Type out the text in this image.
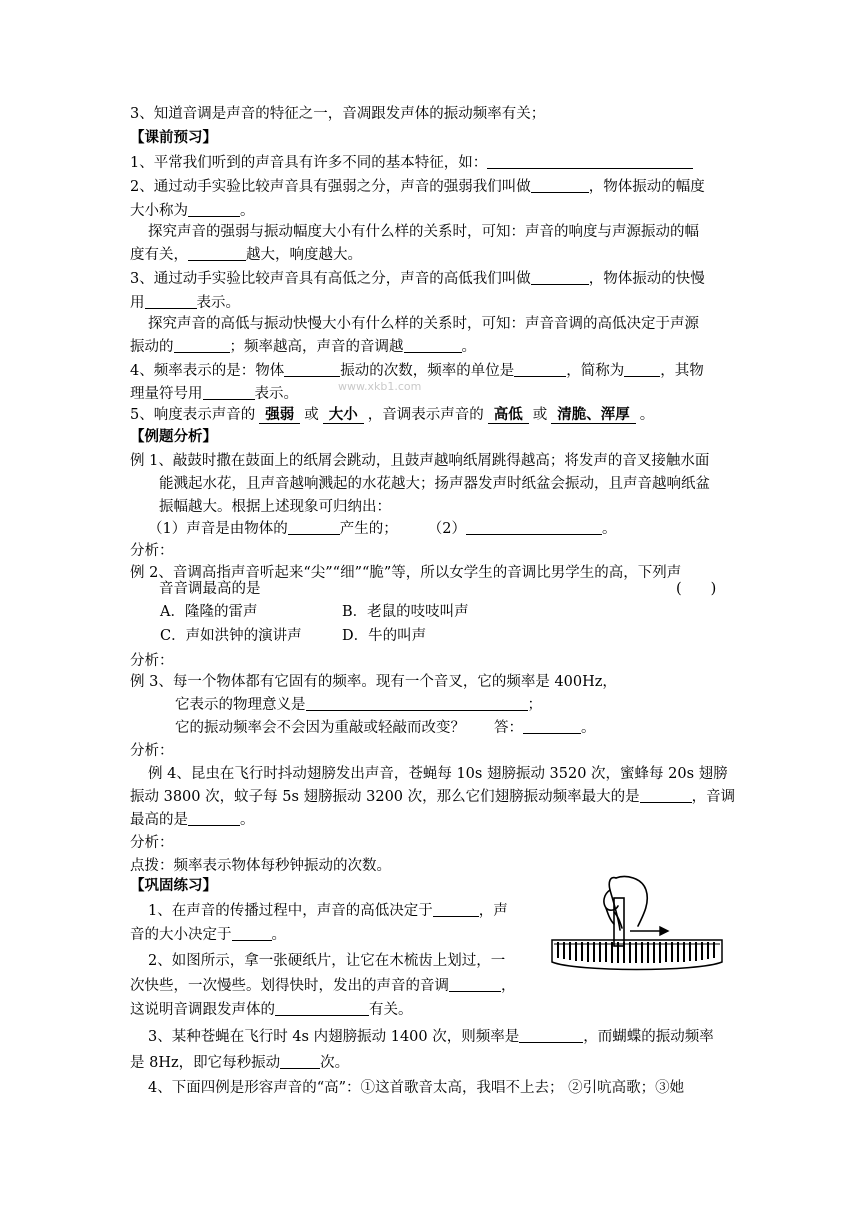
3、知道音调是声音的特征之一，音凋跟发声体的振动频率有关；
【课前预习】
1、平常我们听到的声音具有许多不同的基本特征，如：
2、通过动手实验比较声音具有强弱之分，声音的强弱我们叫做	，物体振动的幅度
大小称为	。
探究声音的强弱与振动幅度大小有什么样的关系时，可知：声音的响度与声源振动的幅
度有关，	越大，响度越大。
3、通过动手实验比较声音具有高低之分，声音的高低我们叫做	，物体振动的快慢
用	表示。
探究声音的高低与振动快慢大小有什么样的关系时，可知：声音音调的高低决定于声源
振动的	；频率越高，声音的音调越	。
4、频率表示的是：物体	振动的次数，频率的单位是	，简称为 ，其物
理量符号用	表示。	www.xkb1.com
5、响度表示声音的 强弱 或 大小 ，音调表示声音的 高低 或 清脆、浑厚 。
【例题分析】
例 1、敲鼓时撒在鼓面上的纸屑会跳动，且鼓声越响纸屑跳得越高；将发声的音叉接触水面
能溅起水花，且声音越响溅起的水花越大；扬声器发声时纸盆会振动，且声音越响纸盆
振幅越大。根据上述现象可归纳出：
（1）声音是由物体的	产生的； （2）	。
分析：
例 2、音调高指声音听起来“尖”“细”“脆”等，所以女学生的音调比男学生的高，下列声
音音调最高的是	(　　)
A．隆隆的雷声	B．老鼠的吱吱叫声
C．声如洪钟的演讲声	D．牛的叫声
分析：
例 3、每一个物体都有它固有的频率。现有一个音叉，它的频率是 400Hz，
它表示的物理意义是	；
它的振动频率会不会因为重敲或轻敲而改变？　　答：	。
分析：
例 4、昆虫在飞行时抖动翅膀发出声音，苍蝇每 10s 翅膀振动 3520 次，蜜蜂每 20s 翅膀
振动 3800 次，蚊子每 5s 翅膀振动 3200 次，那么它们翅膀振动频率最大的是	，音调
最高的是	。
分析：
点拨：频率表示物体每秒钟振动的次数。
【巩固练习】
1、在声音的传播过程中，声音的高低决定于	，声
音的大小决定于	。
2、如图所示，拿一张硬纸片，让它在木梳齿上划过，一
次快些，一次慢些。划得快时，发出的声音的音调	，
这说明音调跟发声体的	有关。
3、某种苍蝇在飞行时 4s 内翅膀振动 1400 次，则频率是	，而蝴蝶的振动频率
是 8Hz，即它每秒振动	次。
4、下面四例是形容声音的“高”：①这首歌音太高，我唱不上去； ②引吭高歌；③她
